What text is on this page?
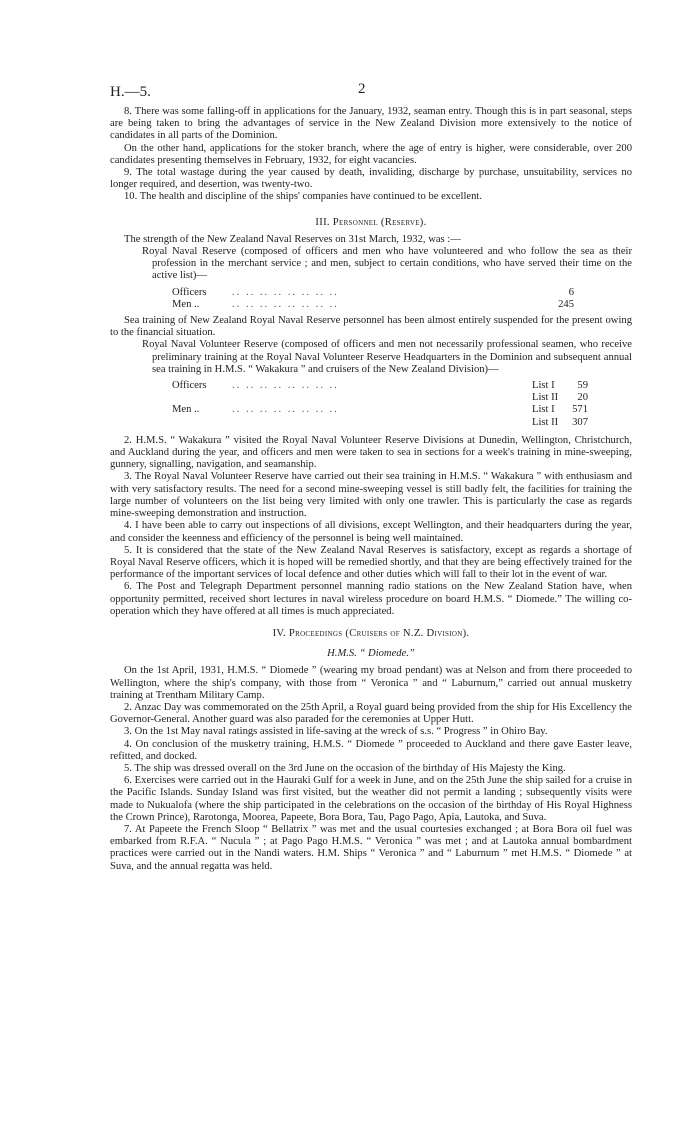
H.—5.	2

8. There was some falling-off in applications for the January, 1932, seaman entry. Though this is in part seasonal, steps are being taken to bring the advantages of service in the New Zealand Division more extensively to the notice of candidates in all parts of the Dominion.

On the other hand, applications for the stoker branch, where the age of entry is higher, were considerable, over 200 candidates presenting themselves in February, 1932, for eight vacancies.

9. The total wastage during the year caused by death, invaliding, discharge by purchase, unsuitability, services no longer required, and desertion, was twenty-two.

10. The health and discipline of the ships' companies have continued to be excellent.

III. Personnel (Reserve).

The strength of the New Zealand Naval Reserves on 31st March, 1932, was :—

Royal Naval Reserve (composed of officers and men who have volunteered and who follow the sea as their profession in the merchant service ; and men, subject to certain conditions, who have served their time on the active list)—

Officers	.. .. .. .. .. .. .. ..	6
Men ..	.. .. .. .. .. .. .. ..	245

Sea training of New Zealand Royal Naval Reserve personnel has been almost entirely suspended for the present owing to the financial situation.

Royal Naval Volunteer Reserve (composed of officers and men not necessarily professional seamen, who receive preliminary training at the Royal Naval Volunteer Reserve Headquarters in the Dominion and subsequent annual sea training in H.M.S. “ Wakakura ” and cruisers of the New Zealand Division)—

Officers	.. .. .. .. .. .. .. ..	List I	59
		List II	20
Men ..	.. .. .. .. .. .. .. ..	List I	571
		List II	307

2. H.M.S. “ Wakakura ” visited the Royal Naval Volunteer Reserve Divisions at Dunedin, Wellington, Christchurch, and Auckland during the year, and officers and men were taken to sea in sections for a week's training in mine-sweeping, gunnery, signalling, navigation, and seamanship.

3. The Royal Naval Volunteer Reserve have carried out their sea training in H.M.S. “ Wakakura ” with enthusiasm and with very satisfactory results. The need for a second mine-sweeping vessel is still badly felt, the facilities for training the large number of volunteers on the list being very limited with only one trawler. This is particularly the case as regards mine-sweeping demonstration and instruction.

4. I have been able to carry out inspections of all divisions, except Wellington, and their headquarters during the year, and consider the keenness and efficiency of the personnel is being well maintained.

5. It is considered that the state of the New Zealand Naval Reserves is satisfactory, except as regards a shortage of Royal Naval Reserve officers, which it is hoped will be remedied shortly, and that they are being effectively trained for the performance of the important services of local defence and other duties which will fall to their lot in the event of war.

6. The Post and Telegraph Department personnel manning radio stations on the New Zealand Station have, when opportunity permitted, received short lectures in naval wireless procedure on board H.M.S. “ Diomede.” The willing co-operation which they have offered at all times is much appreciated.

IV. Proceedings (Cruisers of N.Z. Division).
H.M.S. “ Diomede.”

On the 1st April, 1931, H.M.S. “ Diomede ” (wearing my broad pendant) was at Nelson and from there proceeded to Wellington, where the ship's company, with those from “ Veronica ” and “ Laburnum,” carried out annual musketry training at Trentham Military Camp.

2. Anzac Day was commemorated on the 25th April, a Royal guard being provided from the ship for His Excellency the Governor-General. Another guard was also paraded for the ceremonies at Upper Hutt.

3. On the 1st May naval ratings assisted in life-saving at the wreck of s.s. “ Progress ” in Ohiro Bay.

4. On conclusion of the musketry training, H.M.S. “ Diomede ” proceeded to Auckland and there gave Easter leave, refitted, and docked.

5. The ship was dressed overall on the 3rd June on the occasion of the birthday of His Majesty the King.

6. Exercises were carried out in the Hauraki Gulf for a week in June, and on the 25th June the ship sailed for a cruise in the Pacific Islands. Sunday Island was first visited, but the weather did not permit a landing ; subsequently visits were made to Nukualofa (where the ship participated in the celebrations on the occasion of the birthday of His Royal Highness the Crown Prince), Rarotonga, Moorea, Papeete, Bora Bora, Tau, Pago Pago, Apia, Lautoka, and Suva.

7. At Papeete the French Sloop “ Bellatrix ” was met and the usual courtesies exchanged ; at Bora Bora oil fuel was embarked from R.F.A. “ Nucula ” ; at Pago Pago H.M.S. “ Veronica ” was met ; and at Lautoka annual bombardment practices were carried out in the Nandi waters. H.M. Ships “ Veronica ” and “ Laburnum ” met H.M.S. “ Diomede ” at Suva, and the annual regatta was held.
